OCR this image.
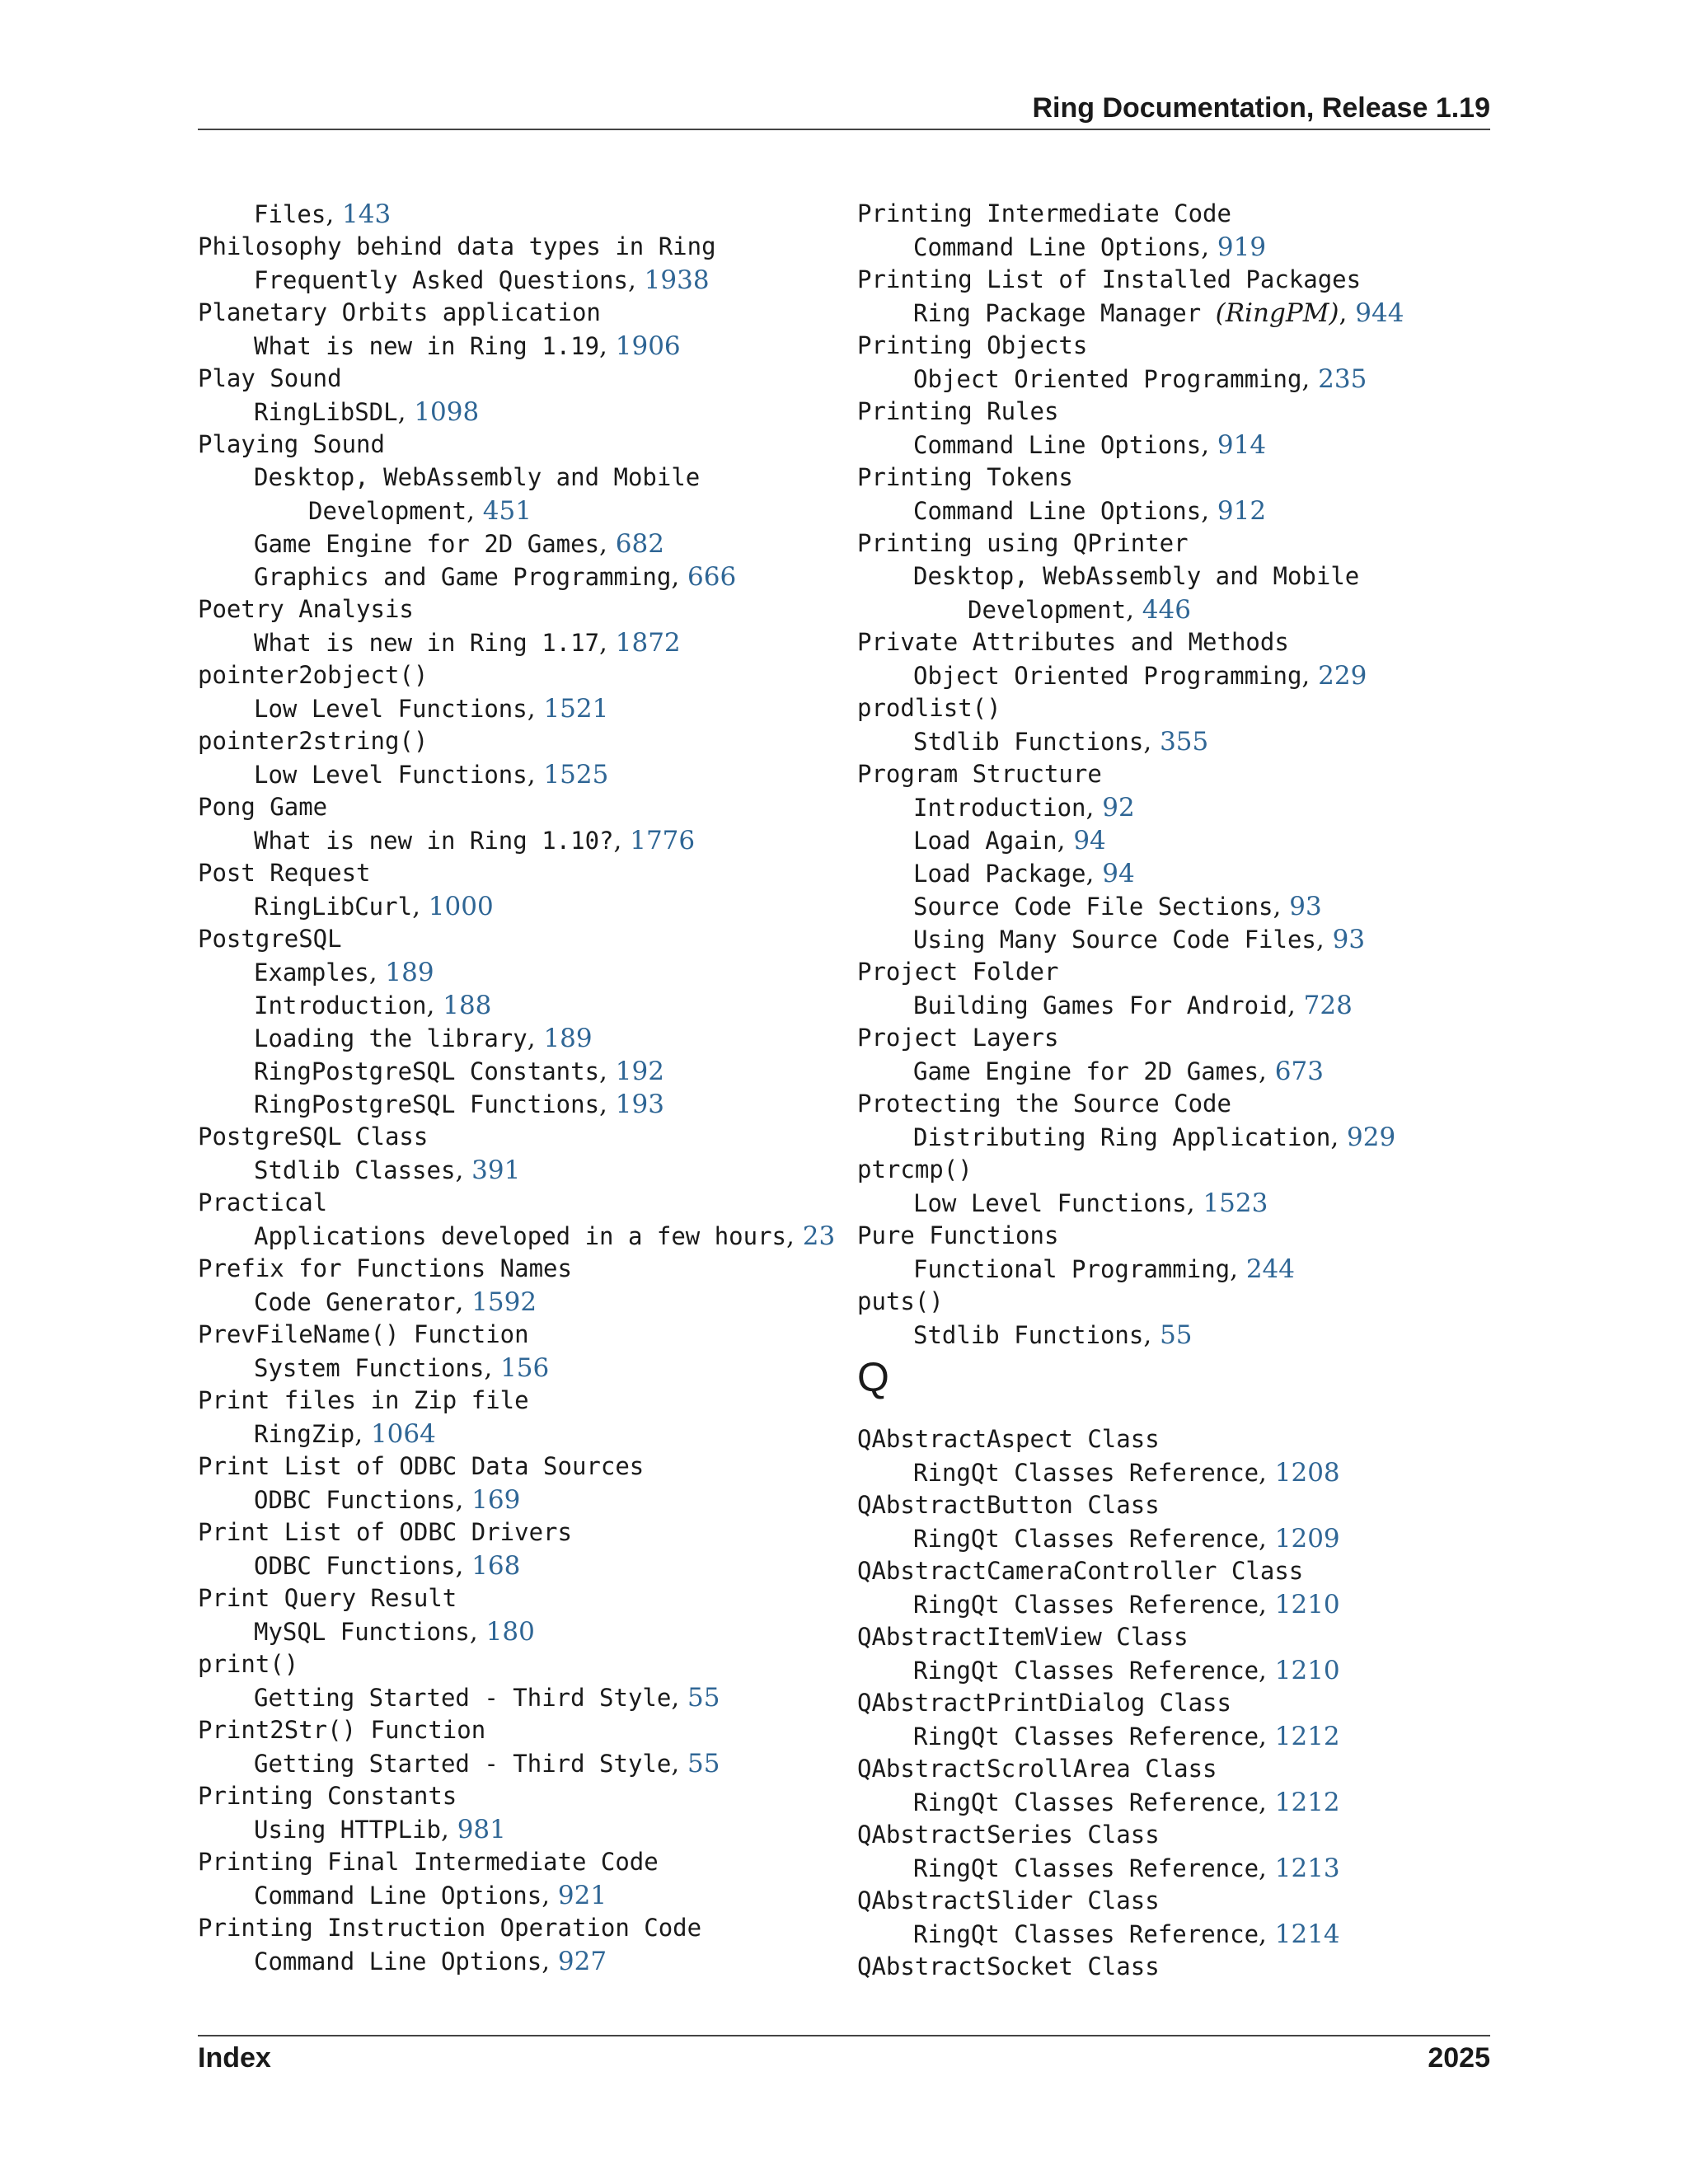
Ring Documentation, Release 1.19
Files, 143
Philosophy behind data types in Ring
Frequently Asked Questions, 1938
Planetary Orbits application
What is new in Ring 1.19, 1906
Play Sound
RingLibSDL, 1098
Playing Sound
Desktop, WebAssembly and Mobile
Development, 451
Game Engine for 2D Games, 682
Graphics and Game Programming, 666
Poetry Analysis
What is new in Ring 1.17, 1872
pointer2object()
Low Level Functions, 1521
pointer2string()
Low Level Functions, 1525
Pong Game
What is new in Ring 1.10?, 1776
Post Request
RingLibCurl, 1000
PostgreSQL
Examples, 189
Introduction, 188
Loading the library, 189
RingPostgreSQL Constants, 192
RingPostgreSQL Functions, 193
PostgreSQL Class
Stdlib Classes, 391
Practical
Applications developed in a few hours, 23
Prefix for Functions Names
Code Generator, 1592
PrevFileName() Function
System Functions, 156
Print files in Zip file
RingZip, 1064
Print List of ODBC Data Sources
ODBC Functions, 169
Print List of ODBC Drivers
ODBC Functions, 168
Print Query Result
MySQL Functions, 180
print()
Getting Started - Third Style, 55
Print2Str() Function
Getting Started - Third Style, 55
Printing Constants
Using HTTPLib, 981
Printing Final Intermediate Code
Command Line Options, 921
Printing Instruction Operation Code
Command Line Options, 927
Printing Intermediate Code
Command Line Options, 919
Printing List of Installed Packages
Ring Package Manager (RingPM), 944
Printing Objects
Object Oriented Programming, 235
Printing Rules
Command Line Options, 914
Printing Tokens
Command Line Options, 912
Printing using QPrinter
Desktop, WebAssembly and Mobile
Development, 446
Private Attributes and Methods
Object Oriented Programming, 229
prodlist()
Stdlib Functions, 355
Program Structure
Introduction, 92
Load Again, 94
Load Package, 94
Source Code File Sections, 93
Using Many Source Code Files, 93
Project Folder
Building Games For Android, 728
Project Layers
Game Engine for 2D Games, 673
Protecting the Source Code
Distributing Ring Application, 929
ptrcmp()
Low Level Functions, 1523
Pure Functions
Functional Programming, 244
puts()
Stdlib Functions, 55
Q
QAbstractAspect Class
RingQt Classes Reference, 1208
QAbstractButton Class
RingQt Classes Reference, 1209
QAbstractCameraController Class
RingQt Classes Reference, 1210
QAbstractItemView Class
RingQt Classes Reference, 1210
QAbstractPrintDialog Class
RingQt Classes Reference, 1212
QAbstractScrollArea Class
RingQt Classes Reference, 1212
QAbstractSeries Class
RingQt Classes Reference, 1213
QAbstractSlider Class
RingQt Classes Reference, 1214
QAbstractSocket Class
Index	2025
